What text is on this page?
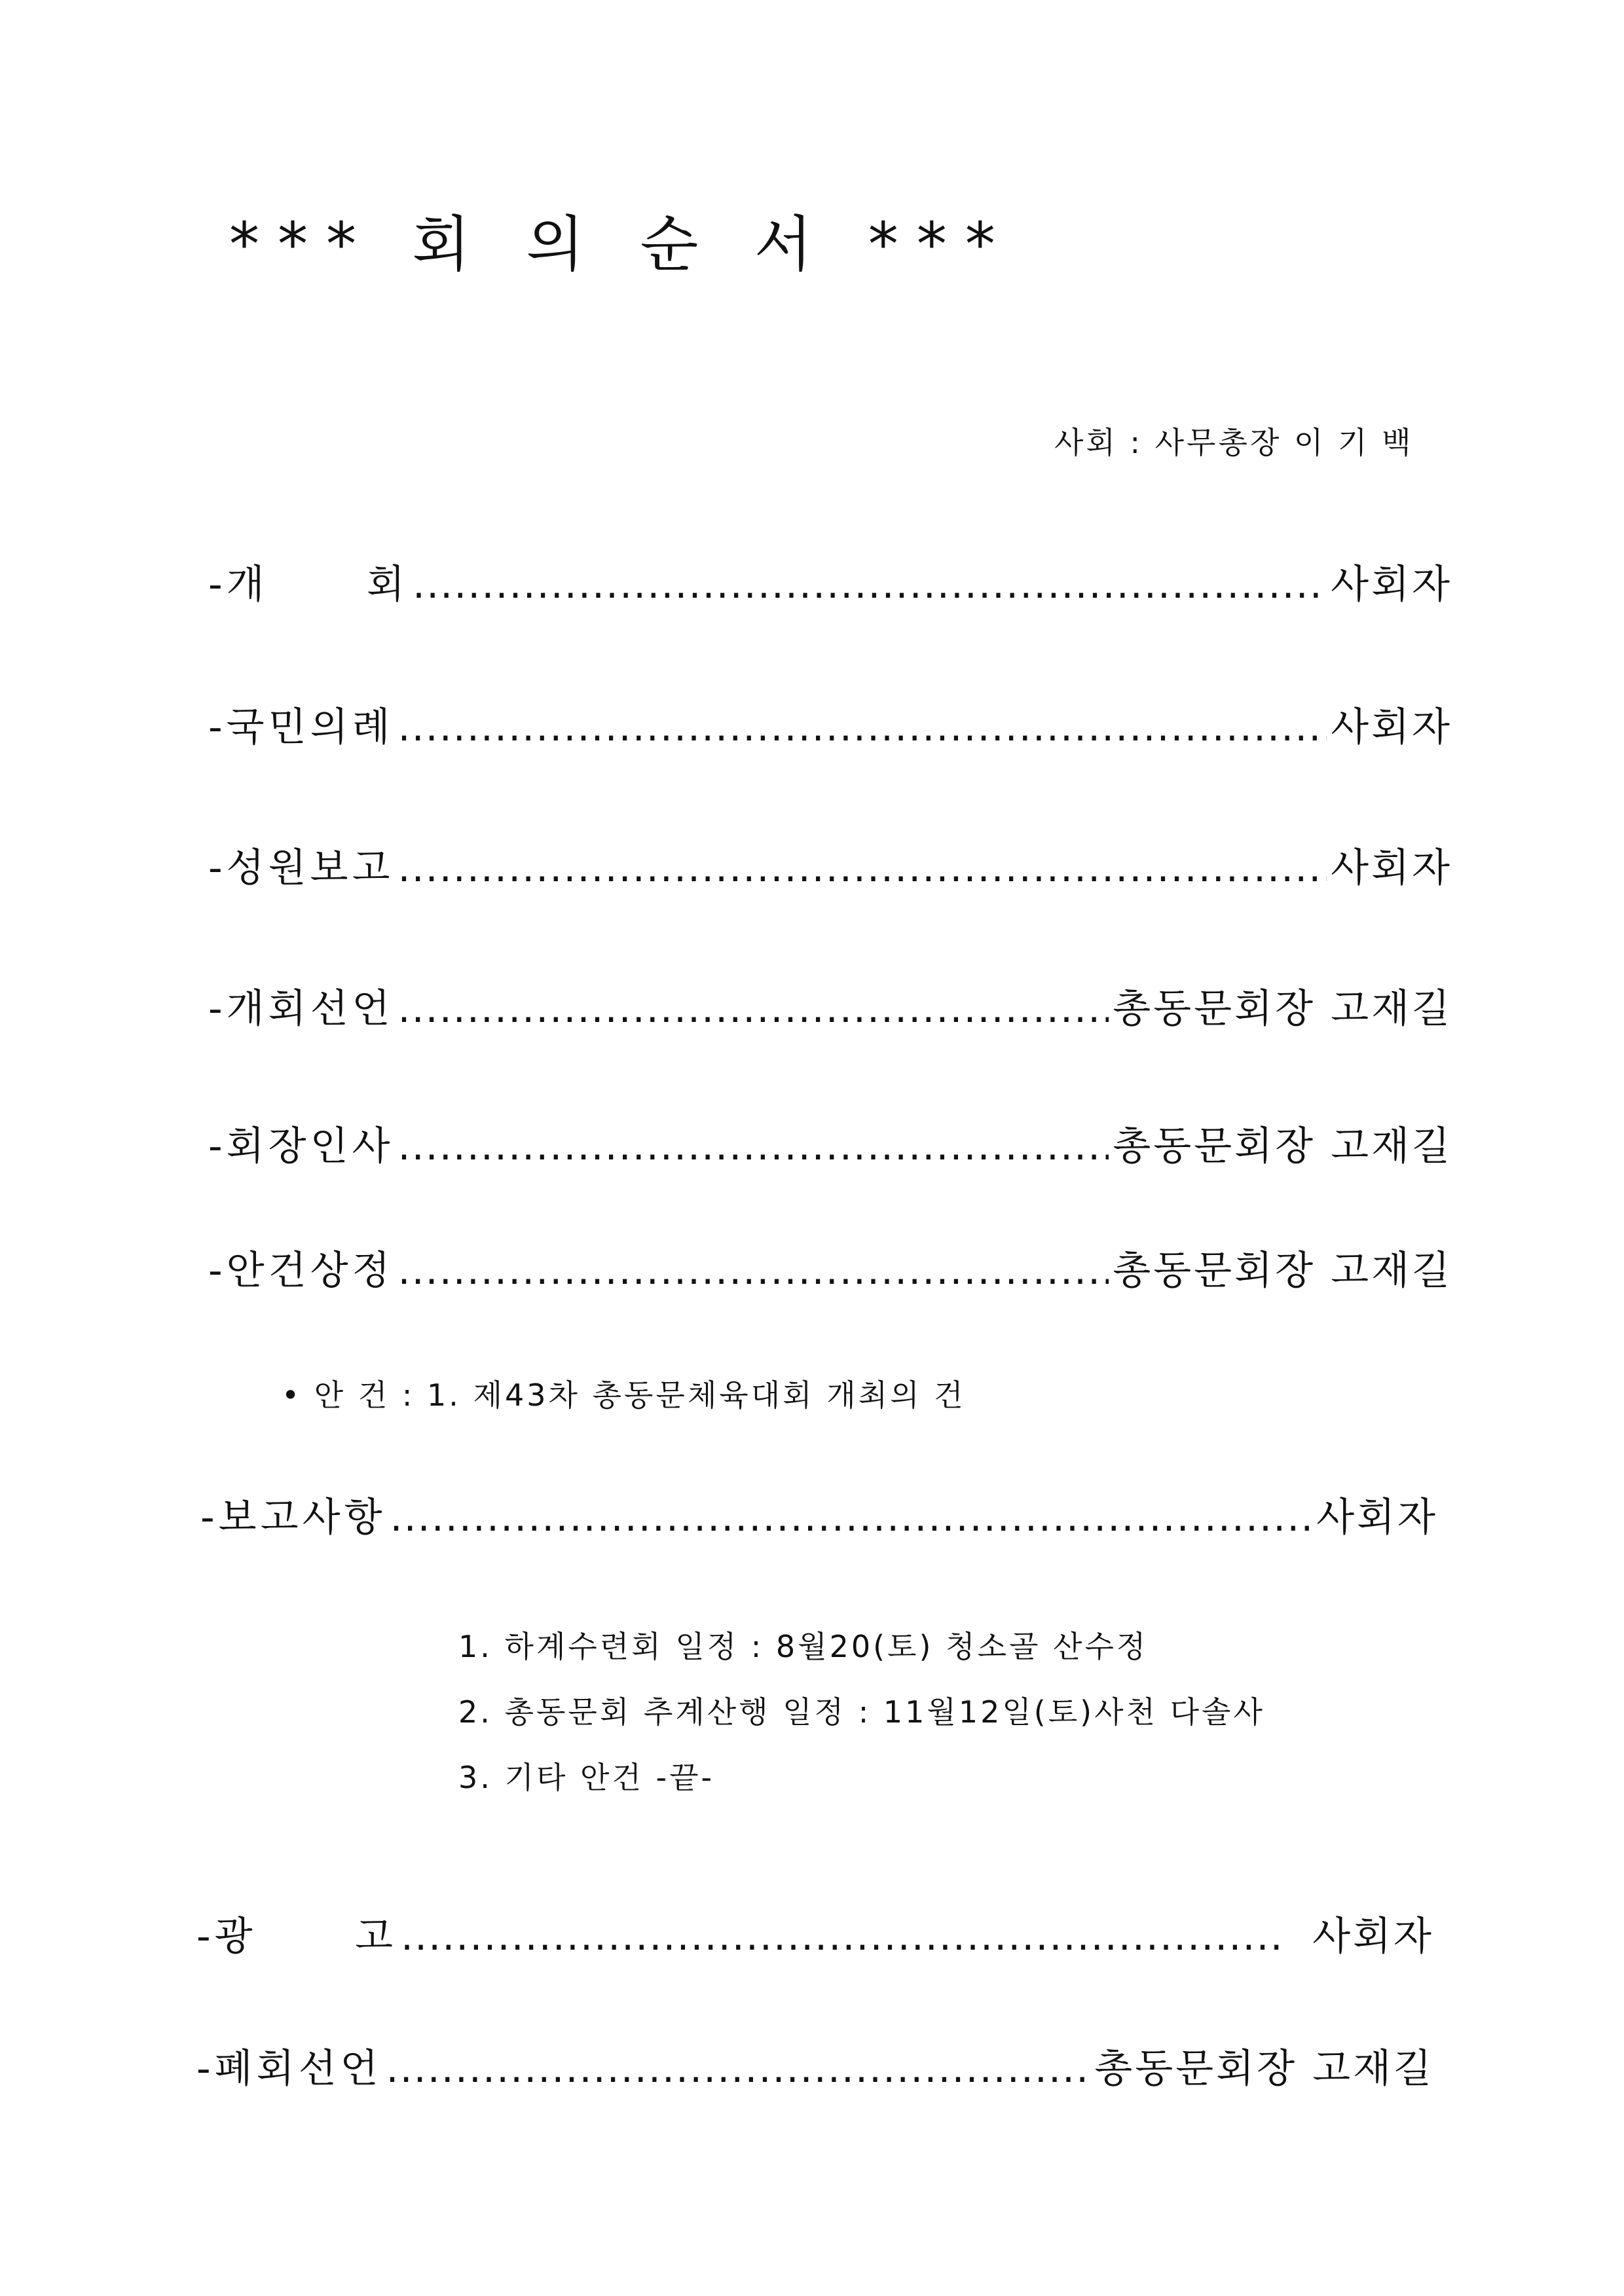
*** 회 의 순 서 ***
사회 : 사무총장 이 기 백
-개      회 .....	사회자
-국민의례 .....	사회자
-성원보고 .....	사회자
-개회선언 .....	총동문회장 고재길
-회장인사 .....	총동문회장 고재길
-안건상정 .....	총동문회장 고재길
• 안 건 : 1. 제43차 총동문체육대회 개최의 건
-보고사항 .....	사회자
1. 하계수련회 일정 : 8월20(토) 청소골 산수정
2. 총동문회 추계산행 일정 : 11월12일(토)사천 다솔사
3. 기타 안건 -끝-
-광      고 .....	사회자
-폐회선언 .....	총동문회장 고재길
